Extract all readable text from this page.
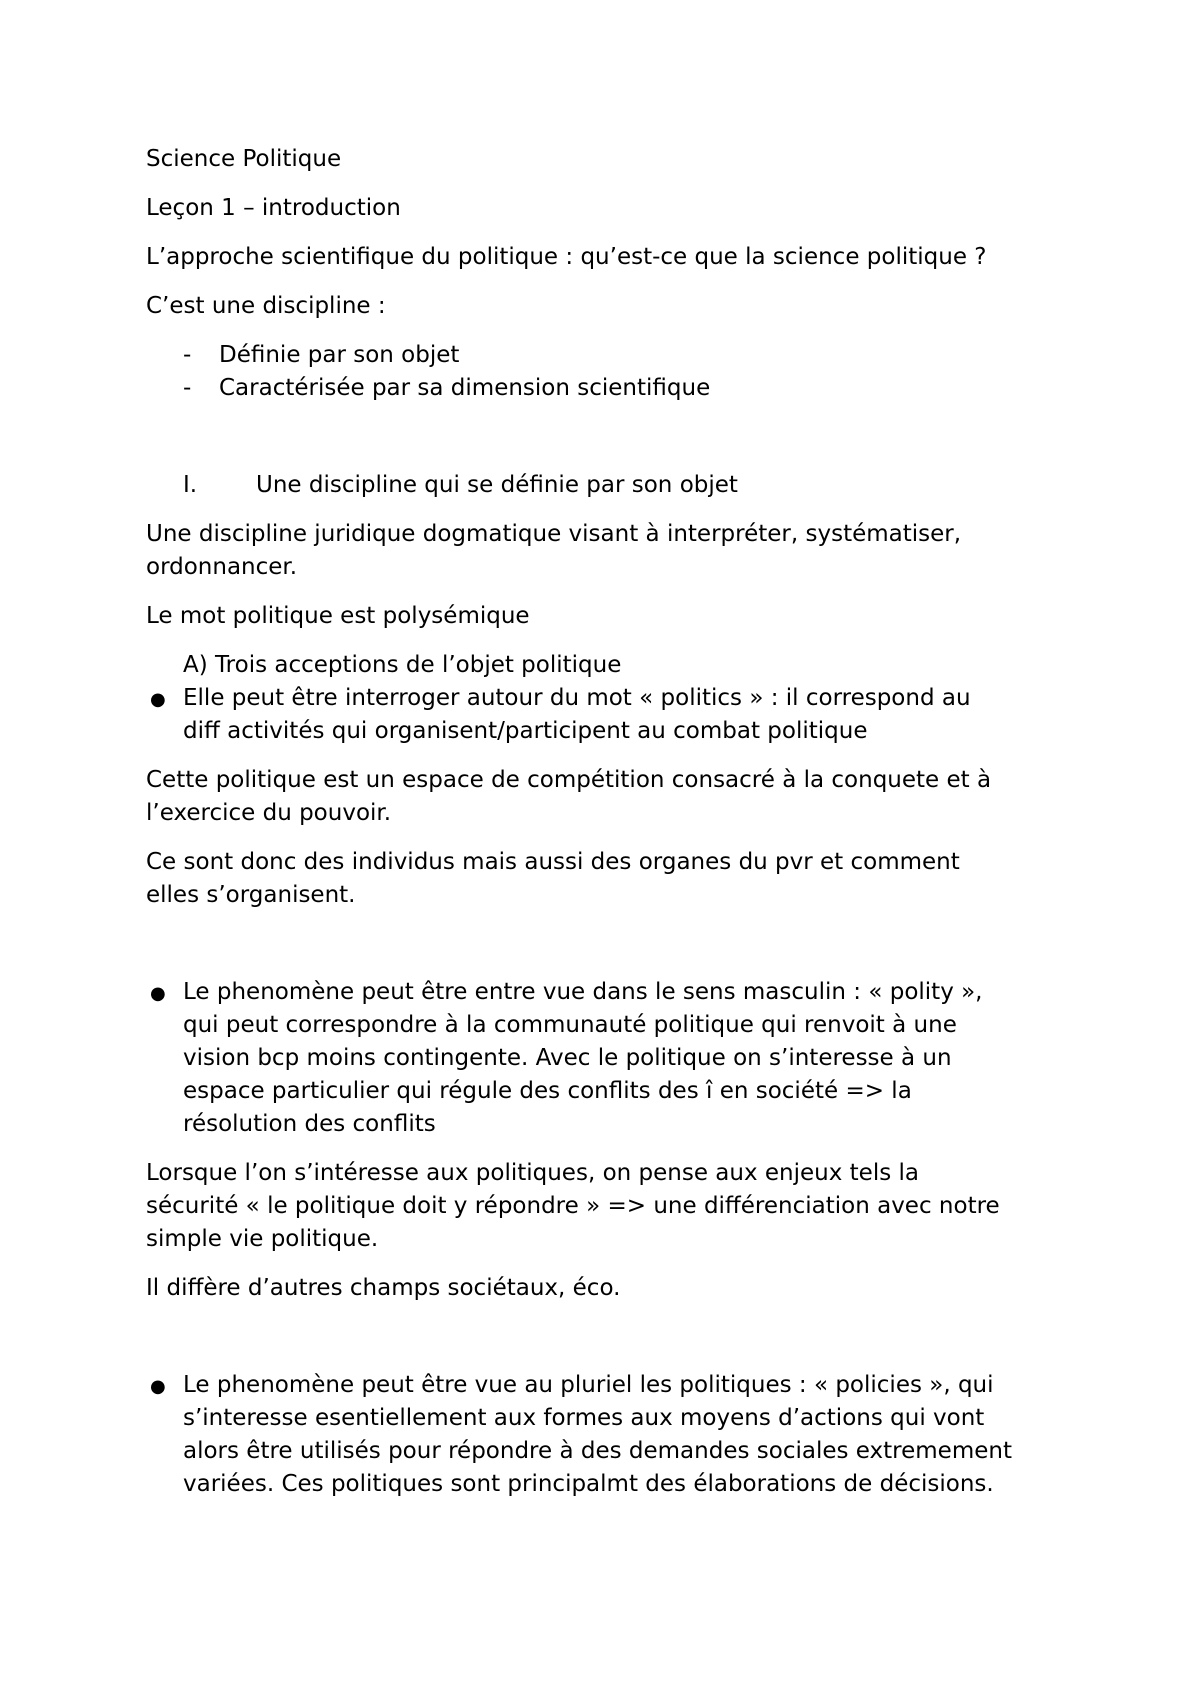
Science Politique

Leçon 1 – introduction

L’approche scientifique du politique : qu’est-ce que la science politique ?

C’est une discipline :

- Définie par son objet

- Caractérisée par sa dimension scientifique

I.	Une discipline qui se définie par son objet

Une discipline juridique dogmatique visant à interpréter, systématiser,

ordonnancer.

Le mot politique est polysémique

A) Trois acceptions de l’objet politique

● Elle peut être interroger autour du mot « politics » : il correspond au

diff activités qui organisent/participent au combat politique

Cette politique est un espace de compétition consacré à la conquete et à

l’exercice du pouvoir.

Ce sont donc des individus mais aussi des organes du pvr et comment

elles s’organisent.

● Le phenomène peut être entre vue dans le sens masculin : « polity »,

qui peut correspondre à la communauté politique qui renvoit à une

vision bcp moins contingente. Avec le politique on s’interesse à un

espace particulier qui régule des conflits des î en société => la

résolution des conflits

Lorsque l’on s’intéresse aux politiques, on pense aux enjeux tels la

sécurité « le politique doit y répondre » => une différenciation avec notre

simple vie politique.

Il diffère d’autres champs sociétaux, éco.

● Le phenomène peut être vue au pluriel les politiques : « policies », qui

s’interesse esentiellement aux formes aux moyens d’actions qui vont

alors être utilisés pour répondre à des demandes sociales extremement

variées. Ces politiques sont principalmt des élaborations de décisions.
